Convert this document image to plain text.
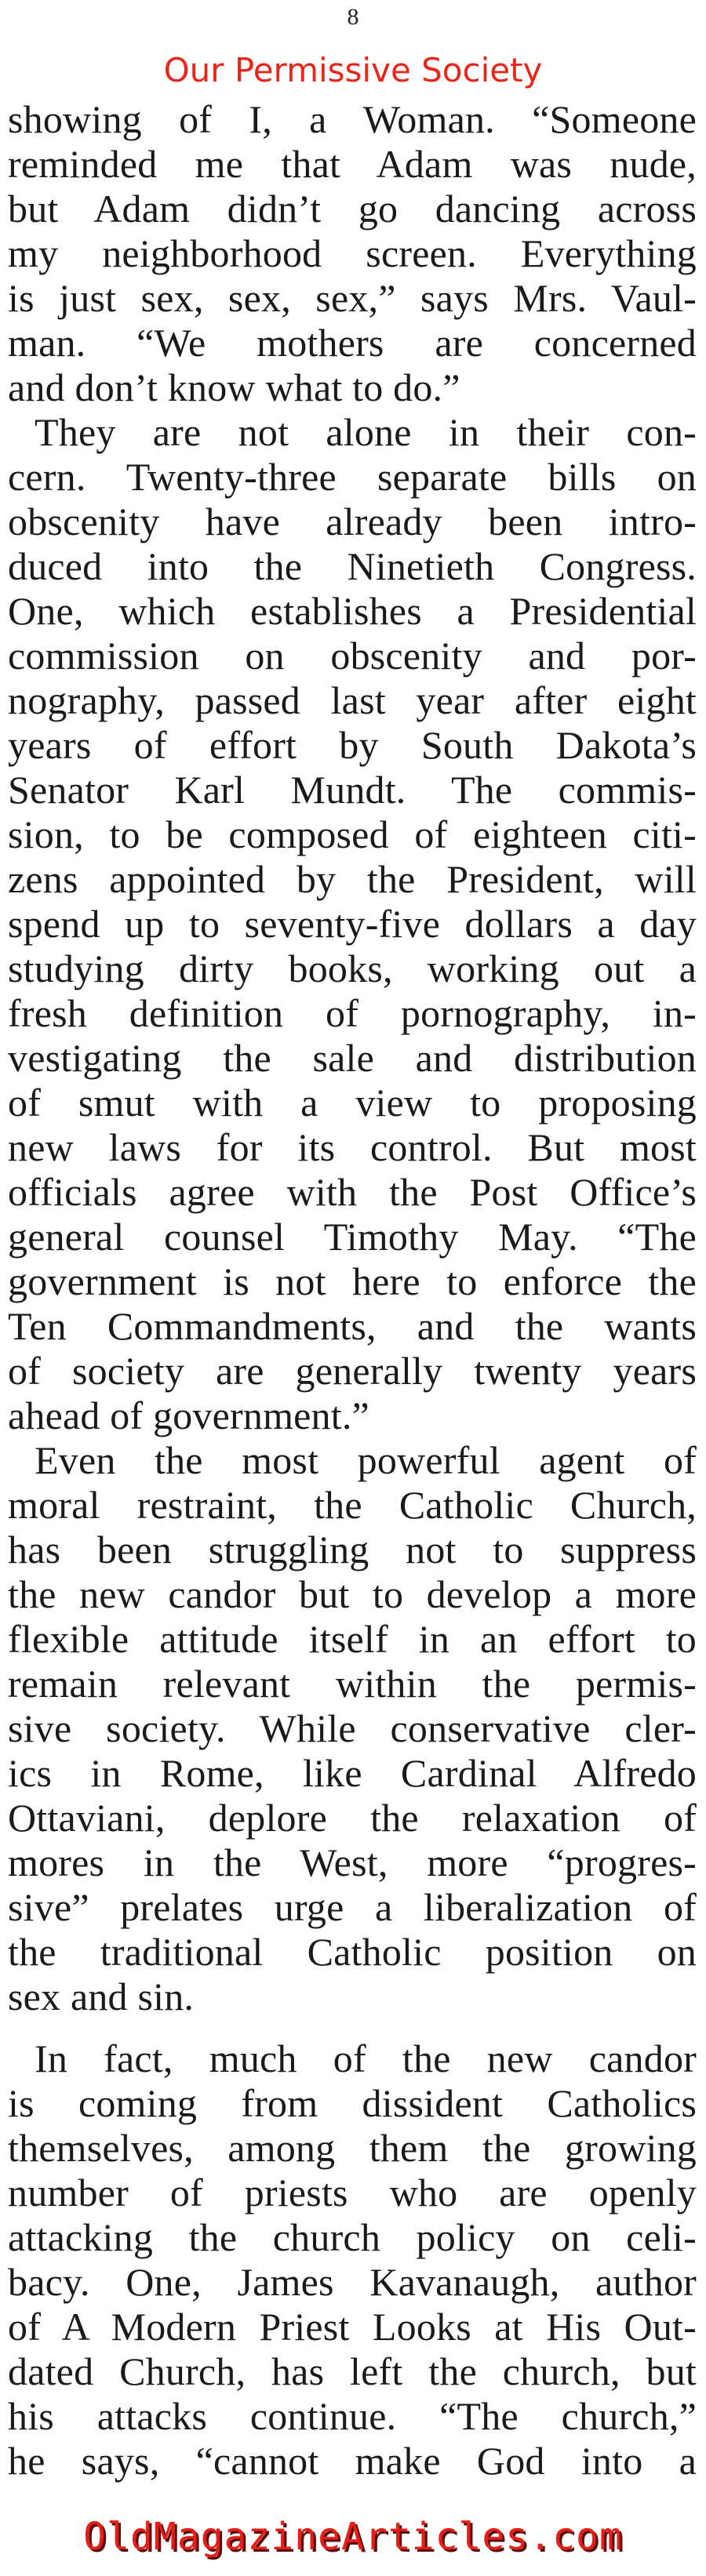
8
Our Permissive Society
showing of I, a Woman. “Someone
reminded me that Adam was nude,
but Adam didn’t go dancing across
my neighborhood screen. Everything
is just sex, sex, sex,” says Mrs. Vaul-
man. “We mothers are concerned
and don’t know what to do.”
They are not alone in their con-
cern. Twenty-three separate bills on
obscenity have already been intro-
duced into the Ninetieth Congress.
One, which establishes a Presidential
commission on obscenity and por-
nography, passed last year after eight
years of effort by South Dakota’s
Senator Karl Mundt. The commis-
sion, to be composed of eighteen citi-
zens appointed by the President, will
spend up to seventy-five dollars a day
studying dirty books, working out a
fresh definition of pornography, in-
vestigating the sale and distribution
of smut with a view to proposing
new laws for its control. But most
officials agree with the Post Office’s
general counsel Timothy May. “The
government is not here to enforce the
Ten Commandments, and the wants
of society are generally twenty years
ahead of government.”
Even the most powerful agent of
moral restraint, the Catholic Church,
has been struggling not to suppress
the new candor but to develop a more
flexible attitude itself in an effort to
remain relevant within the permis-
sive society. While conservative cler-
ics in Rome, like Cardinal Alfredo
Ottaviani, deplore the relaxation of
mores in the West, more “progres-
sive” prelates urge a liberalization of
the traditional Catholic position on
sex and sin.
In fact, much of the new candor
is coming from dissident Catholics
themselves, among them the growing
number of priests who are openly
attacking the church policy on celi-
bacy. One, James Kavanaugh, author
of A Modern Priest Looks at His Out-
dated Church, has left the church, but
his attacks continue. “The church,”
he says, “cannot make God into a
OldMagazineArticles.com
